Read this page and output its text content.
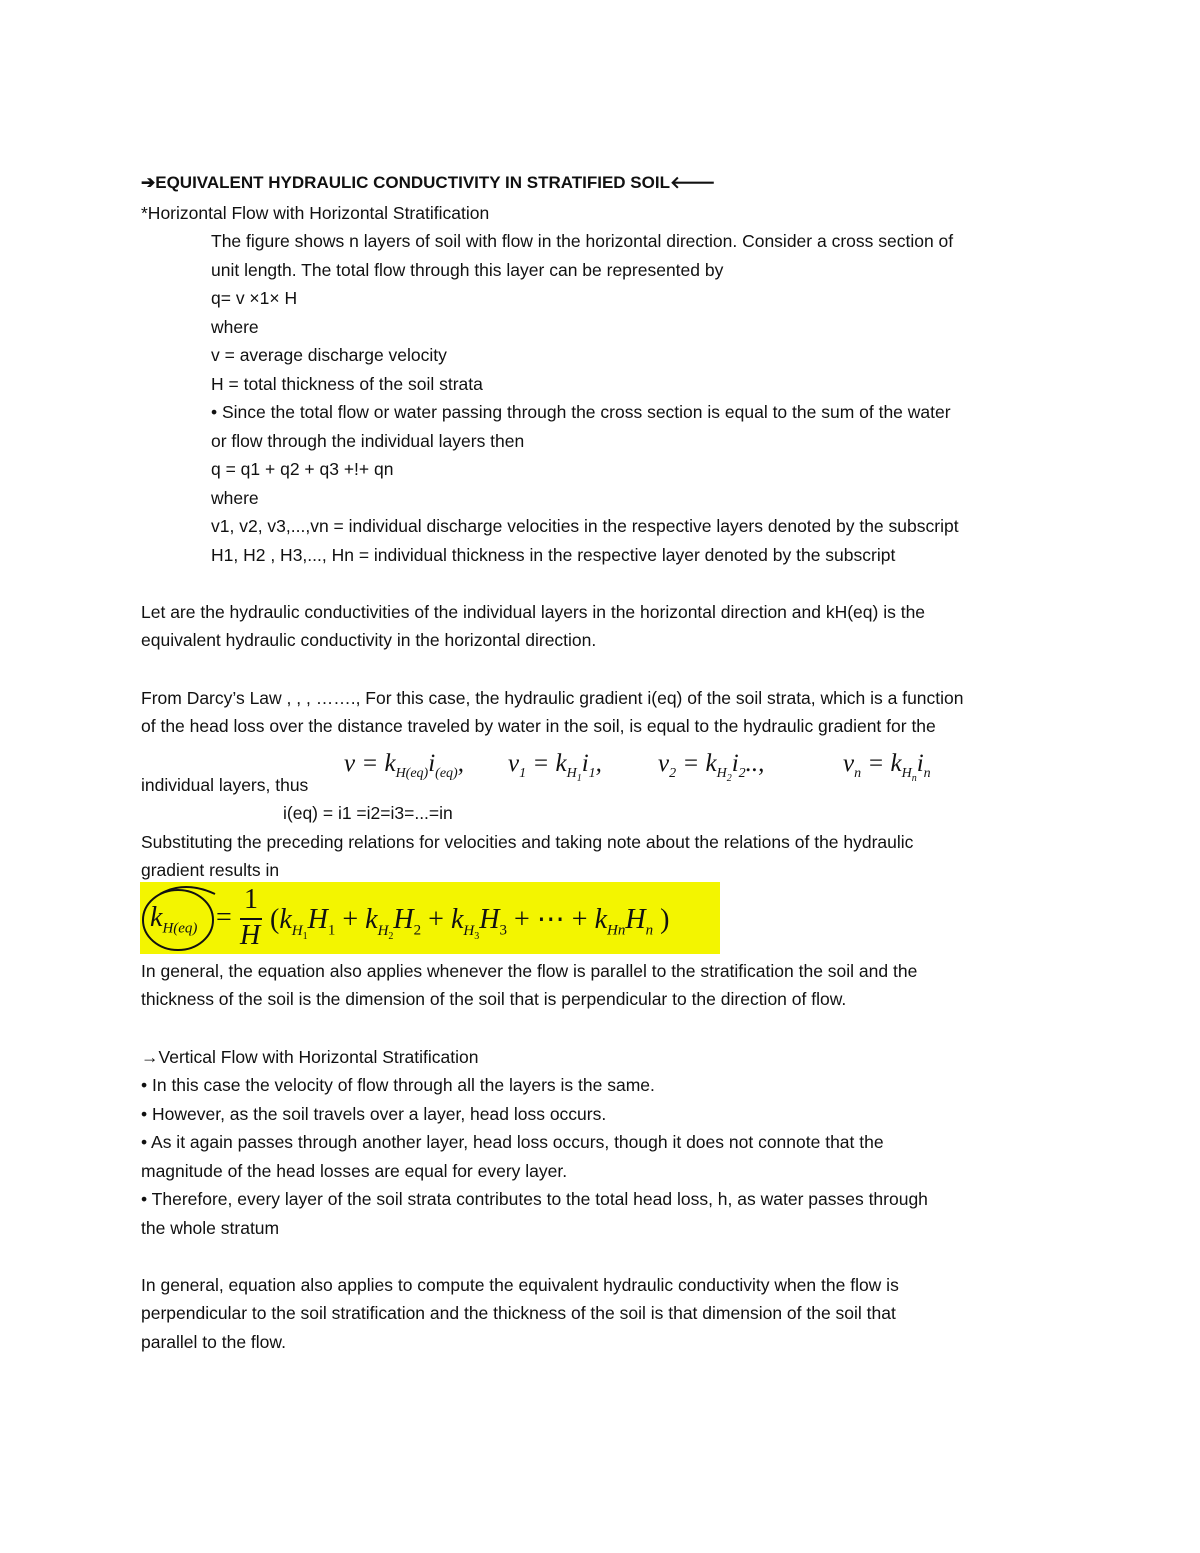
➔EQUIVALENT HYDRAULIC CONDUCTIVITY IN STRATIFIED SOIL🡐
*Horizontal Flow with Horizontal Stratification
The figure shows n layers of soil with flow in the horizontal direction. Consider a cross section of
unit length. The total flow through this layer can be represented by
q= v ×1× H
where
v = average discharge velocity
H = total thickness of the soil strata
• Since the total flow or water passing through the cross section is equal to the sum of the water
or flow through the individual layers then
q = q1 + q2 + q3 +!+ qn
where
v1, v2, v3,...,vn = individual discharge velocities in the respective layers denoted by the subscript
H1, H2 , H3,..., Hn = individual thickness in the respective layer denoted by the subscript
Let are the hydraulic conductivities of the individual layers in the horizontal direction and kH(eq) is the
equivalent hydraulic conductivity in the horizontal direction.
From Darcy’s Law , , , ……., For this case, the hydraulic gradient i(eq) of the soil strata, which is a function
of the head loss over the distance traveled by water in the soil, is equal to the hydraulic gradient for the
$v = k_{H(eq)}i_{(eq)}$, $v_1 = k_{H_1}i_1$, $v_2 = k_{H_2}i_2$..,	$v_n = k_{H_n}i_n$
individual layers, thus
i(eq) = i1 =i2=i3=...=in
Substituting the preceding relations for velocities and taking note about the relations of the hydraulic
gradient results in
$k_{H(eq)}$ =
1
H
($k_{H_1}H_1 + k_{H_2}H_2 + k_{H_3}H_3$ + ⋯ + $k_{Hn}H_n$ )
In general, the equation also applies whenever the flow is parallel to the stratification the soil and the
thickness of the soil is the dimension of the soil that is perpendicular to the direction of flow.
→Vertical Flow with Horizontal Stratification
• In this case the velocity of flow through all the layers is the same.
• However, as the soil travels over a layer, head loss occurs.
• As it again passes through another layer, head loss occurs, though it does not connote that the
magnitude of the head losses are equal for every layer.
• Therefore, every layer of the soil strata contributes to the total head loss, h, as water passes through
the whole stratum
In general, equation also applies to compute the equivalent hydraulic conductivity when the flow is
perpendicular to the soil stratification and the thickness of the soil is that dimension of the soil that
parallel to the flow.
